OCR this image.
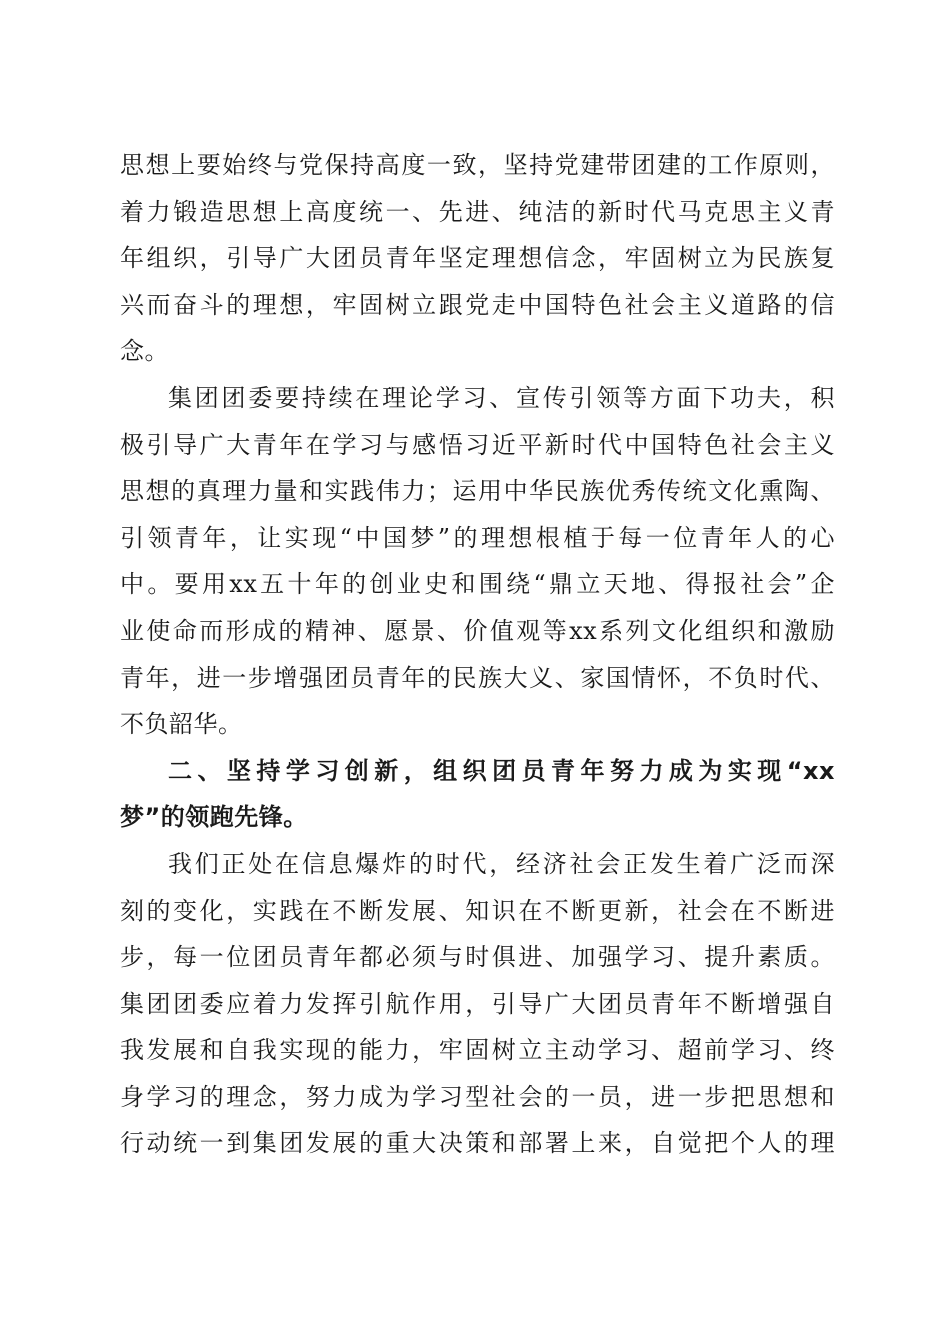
思想上要始终与党保持高度一致，坚持党建带团建的工作原则，
着力锻造思想上高度统一、先进、纯洁的新时代马克思主义青
年组织，引导广大团员青年坚定理想信念，牢固树立为民族复
兴而奋斗的理想，牢固树立跟党走中国特色社会主义道路的信
念。
集团团委要持续在理论学习、宣传引领等方面下功夫，积
极引导广大青年在学习与感悟习近平新时代中国特色社会主义
思想的真理力量和实践伟力；运用中华民族优秀传统文化熏陶、
引领青年，让实现“中国梦”的理想根植于每一位青年人的心
中。要用xx五十年的创业史和围绕“鼎立天地、得报社会”企
业使命而形成的精神、愿景、价值观等xx系列文化组织和激励
青年，进一步增强团员青年的民族大义、家国情怀，不负时代、
不负韶华。
二、坚持学习创新，组织团员青年努力成为实现“xx
梦”的领跑先锋。
我们正处在信息爆炸的时代，经济社会正发生着广泛而深
刻的变化，实践在不断发展、知识在不断更新，社会在不断进
步，每一位团员青年都必须与时俱进、加强学习、提升素质。
集团团委应着力发挥引航作用，引导广大团员青年不断增强自
我发展和自我实现的能力，牢固树立主动学习、超前学习、终
身学习的理念，努力成为学习型社会的一员，进一步把思想和
行动统一到集团发展的重大决策和部署上来，自觉把个人的理
